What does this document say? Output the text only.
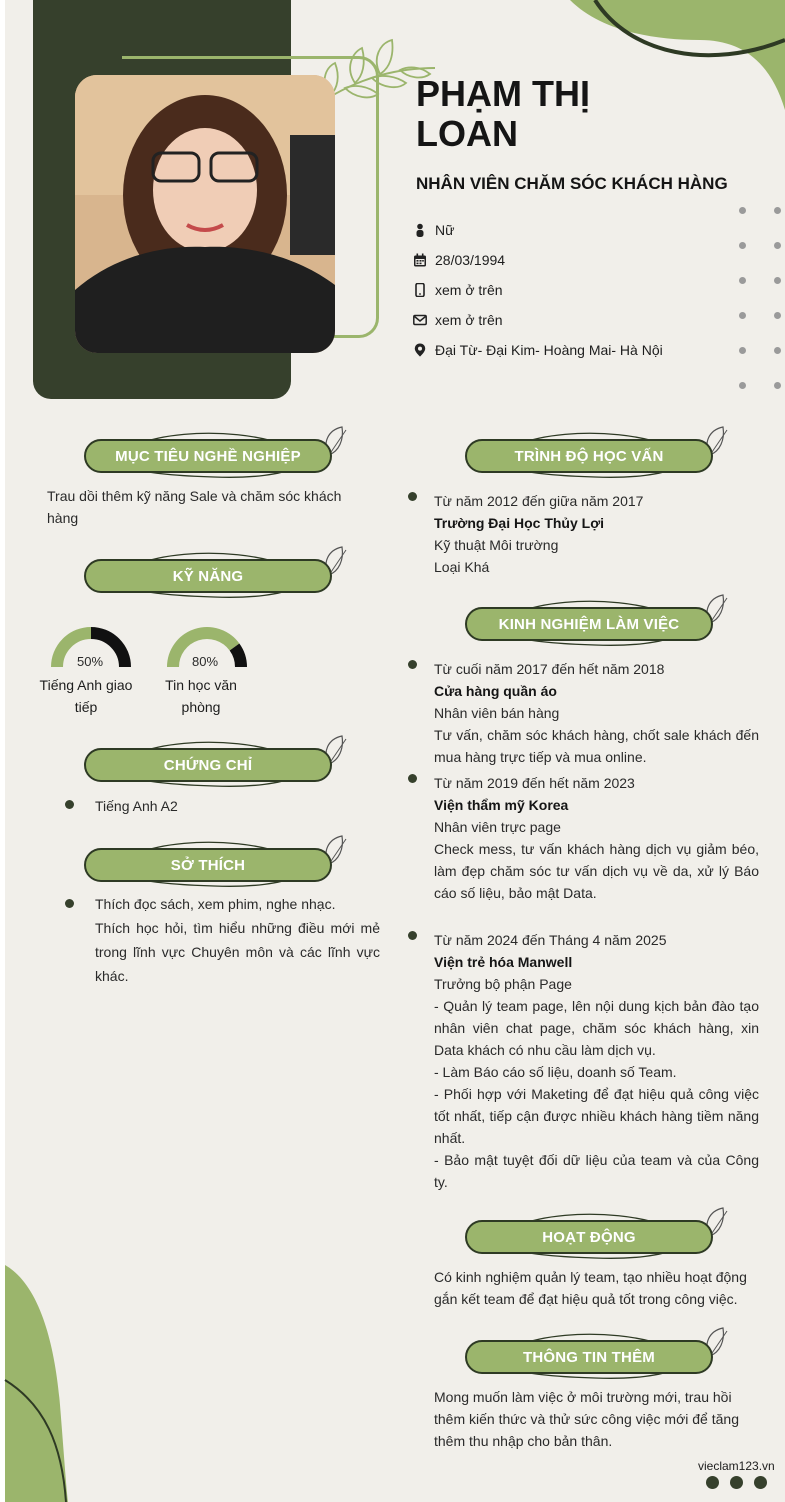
PHẠM THỊ
LOAN
NHÂN VIÊN CHĂM SÓC KHÁCH HÀNG
Nữ
28/03/1994
xem ở trên
xem ở trên
Đại Từ- Đại Kim- Hoàng Mai- Hà Nội
MỤC TIÊU NGHỀ NGHIỆP
Trau dồi thêm kỹ năng Sale và chăm sóc khách hàng
KỸ NĂNG
50%
Tiếng Anh giao
tiếp
80%
Tin học văn
phòng
CHỨNG CHỈ
Tiếng Anh A2
SỞ THÍCH
Thích đọc sách, xem phim, nghe nhạc.
Thích học hỏi, tìm hiểu những điều mới mẻ trong lĩnh vực Chuyên môn và các lĩnh vực khác.
TRÌNH ĐỘ HỌC VẤN
Từ năm 2012 đến giữa năm 2017
Trường Đại Học Thủy Lợi
Kỹ thuật Môi trường
Loại Khá
KINH NGHIỆM LÀM VIỆC
Từ cuối năm 2017 đến hết năm 2018
Cửa hàng quần áo
Nhân viên bán hàng
Tư vấn, chăm sóc khách hàng, chốt sale khách đến mua hàng trực tiếp và mua online.
Từ năm 2019 đến hết năm 2023
Viện thẩm mỹ Korea
Nhân viên trực page
Check mess, tư vấn khách hàng dịch vụ giảm béo, làm đẹp chăm sóc tư vấn dịch vụ về da, xử lý Báo cáo số liệu, bảo mật Data.
Từ năm 2024 đến Tháng 4 năm 2025
Viện trẻ hóa Manwell
Trưởng bộ phận Page
- Quản lý team page, lên nội dung kịch bản đào tạo nhân viên chat page, chăm sóc khách hàng, xin Data khách có nhu cầu làm dịch vụ.
- Làm Báo cáo số liệu, doanh số Team.
- Phối hợp với Maketing để đạt hiệu quả công việc tốt nhất, tiếp cận được nhiều khách hàng tiềm năng nhất.
- Bảo mật tuyệt đối dữ liệu của team và của Công ty.
HOẠT ĐỘNG
Có kinh nghiệm quản lý team, tạo nhiều hoạt động gắn kết team để đạt hiệu quả tốt trong công việc.
THÔNG TIN THÊM
Mong muốn làm việc ở môi trường mới, trau hồi thêm kiến thức và thử sức công việc mới để tăng thêm thu nhập cho bản thân.
vieclam123.vn
